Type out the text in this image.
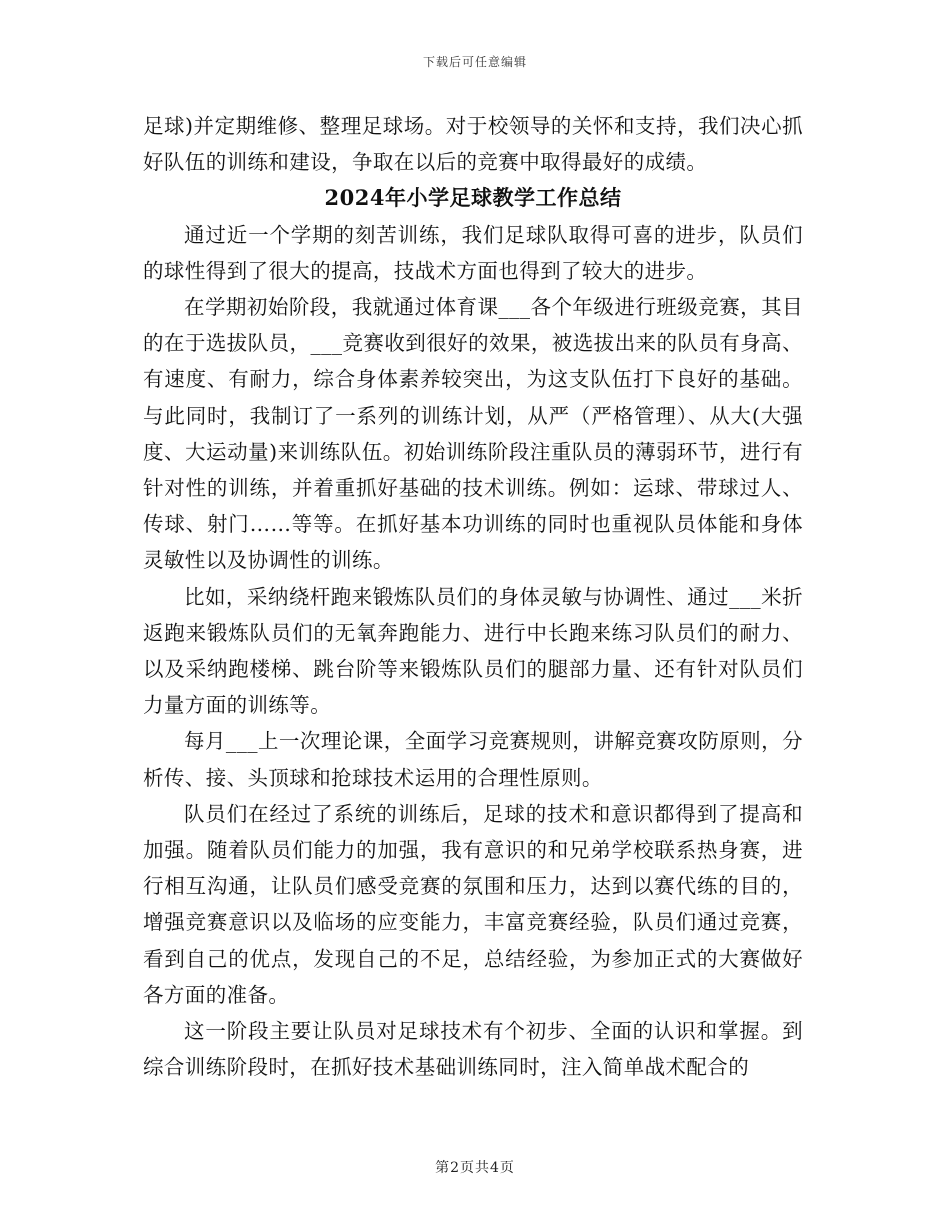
下载后可任意编辑

足球)并定期维修、整理足球场。对于校领导的关怀和支持，我们决心抓好队伍的训练和建设，争取在以后的竞赛中取得最好的成绩。

2024年小学足球教学工作总结

通过近一个学期的刻苦训练，我们足球队取得可喜的进步，队员们的球性得到了很大的提高，技战术方面也得到了较大的进步。

在学期初始阶段，我就通过体育课___各个年级进行班级竞赛，其目的在于选拔队员，___竞赛收到很好的效果，被选拔出来的队员有身高、有速度、有耐力，综合身体素养较突出，为这支队伍打下良好的基础。与此同时，我制订了一系列的训练计划，从严（严格管理）、从大(大强度、大运动量)来训练队伍。初始训练阶段注重队员的薄弱环节，进行有针对性的训练，并着重抓好基础的技术训练。例如：运球、带球过人、传球、射门……等等。在抓好基本功训练的同时也重视队员体能和身体灵敏性以及协调性的训练。

比如，采纳绕杆跑来锻炼队员们的身体灵敏与协调性、通过___米折返跑来锻炼队员们的无氧奔跑能力、进行中长跑来练习队员们的耐力、以及采纳跑楼梯、跳台阶等来锻炼队员们的腿部力量、还有针对队员们力量方面的训练等。

每月___上一次理论课，全面学习竞赛规则，讲解竞赛攻防原则，分析传、接、头顶球和抢球技术运用的合理性原则。

队员们在经过了系统的训练后，足球的技术和意识都得到了提高和加强。随着队员们能力的加强，我有意识的和兄弟学校联系热身赛，进行相互沟通，让队员们感受竞赛的氛围和压力，达到以赛代练的目的，增强竞赛意识以及临场的应变能力，丰富竞赛经验，队员们通过竞赛，看到自己的优点，发现自己的不足，总结经验，为参加正式的大赛做好各方面的准备。

这一阶段主要让队员对足球技术有个初步、全面的认识和掌握。到综合训练阶段时，在抓好技术基础训练同时，注入简单战术配合的

第2页共4页
